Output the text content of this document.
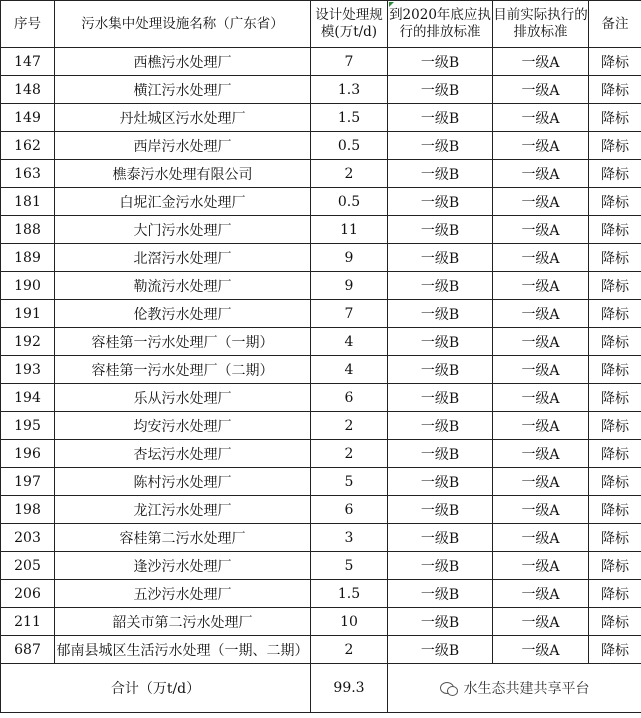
序号	污水集中处理设施名称（广东省）	设计处理规模(万t/d)	到2020年底应执行的排放标准	目前实际执行的排放标准	备注
147	西樵污水处理厂	7	一级B	一级A	降标
148	横江污水处理厂	1.3	一级B	一级A	降标
149	丹灶城区污水处理厂	1.5	一级B	一级A	降标
162	西岸污水处理厂	0.5	一级B	一级A	降标
163	樵泰污水处理有限公司	2	一级B	一级A	降标
181	白坭汇金污水处理厂	0.5	一级B	一级A	降标
188	大门污水处理厂	11	一级B	一级A	降标
189	北滘污水处理厂	9	一级B	一级A	降标
190	勒流污水处理厂	9	一级B	一级A	降标
191	伦教污水处理厂	7	一级B	一级A	降标
192	容桂第一污水处理厂（一期）	4	一级B	一级A	降标
193	容桂第一污水处理厂（二期）	4	一级B	一级A	降标
194	乐从污水处理厂	6	一级B	一级A	降标
195	均安污水处理厂	2	一级B	一级A	降标
196	杏坛污水处理厂	2	一级B	一级A	降标
197	陈村污水处理厂	5	一级B	一级A	降标
198	龙江污水处理厂	6	一级B	一级A	降标
203	容桂第二污水处理厂	3	一级B	一级A	降标
205	逢沙污水处理厂	5	一级B	一级A	降标
206	五沙污水处理厂	1.5	一级B	一级A	降标
211	韶关市第二污水处理厂	10	一级B	一级A	降标
687	郁南县城区生活污水处理（一期、二期）	2	一级B	一级A	降标
合计（万t/d）		99.3	水生态共建共享平台		
